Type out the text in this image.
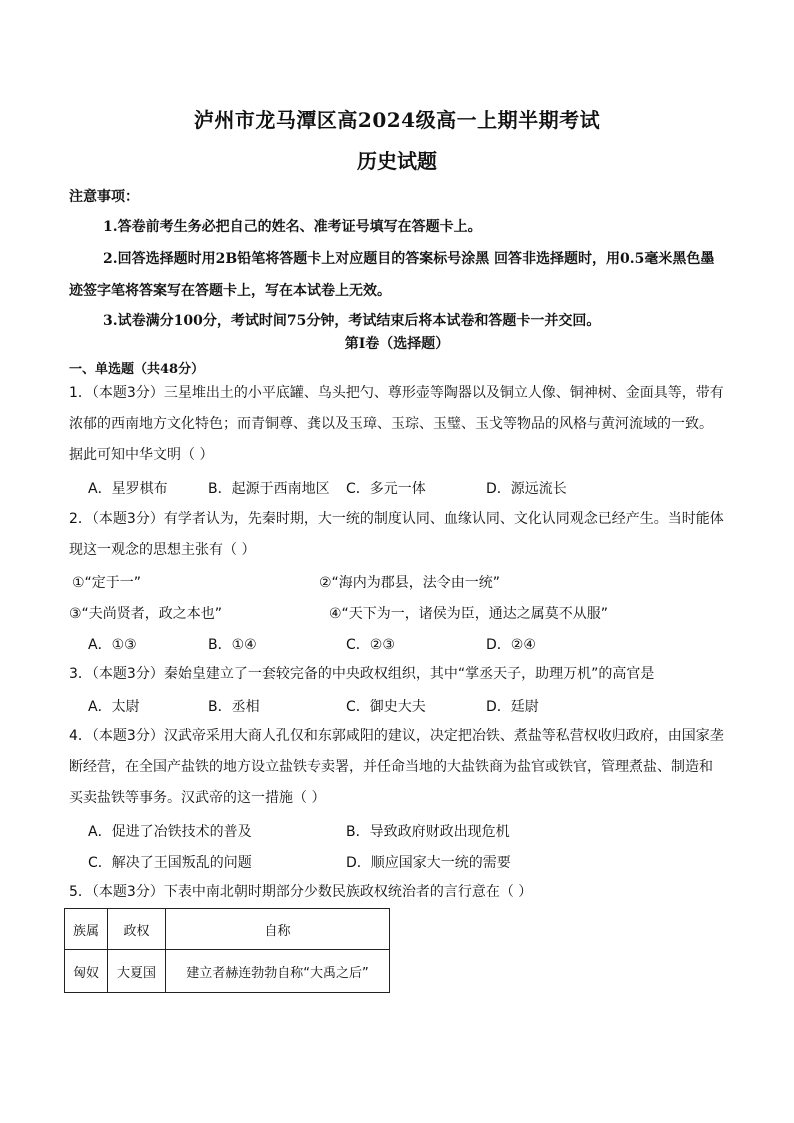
泸州市龙马潭区高2024级高一上期半期考试
历史试题
注意事项：
1.答卷前考生务必把自己的姓名、准考证号填写在答题卡上。
2.回答选择题时用2B铅笔将答题卡上对应题目的答案标号涂黑 回答非选择题时，用0.5毫米黑色墨迹签字笔将答案写在答题卡上，写在本试卷上无效。
3.试卷满分100分，考试时间75分钟，考试结束后将本试卷和答题卡一并交回。
第Ⅰ卷（选择题）
一、单选题（共48分）
1．（本题3分）三星堆出土的小平底罐、鸟头把勺、尊形壶等陶器以及铜立人像、铜神树、金面具等，带有浓郁的西南地方文化特色；而青铜尊、龚以及玉璋、玉琮、玉璧、玉戈等物品的风格与黄河流域的一致。据此可知中华文明（ ）
A．星罗棋布	B．起源于西南地区 C．多元一体	D．源远流长
2．（本题3分）有学者认为，先秦时期，大一统的制度认同、血缘认同、文化认同观念已经产生。当时能体现这一观念的思想主张有（ ）
①“定于一”	②“海内为郡县，法令由一统”
③“夫尚贤者，政之本也”	④“天下为一，诸侯为臣，通达之属莫不从服”
A．①③	B．①④	C．②③	D．②④
3．（本题3分）秦始皇建立了一套较完备的中央政权组织，其中“掌丞天子，助理万机”的高官是
A．太尉	B．丞相	C．御史大夫	D．廷尉
4．（本题3分）汉武帝采用大商人孔仅和东郭咸阳的建议，决定把冶铁、煮盐等私营权收归政府，由国家垄断经营，在全国产盐铁的地方设立盐铁专卖署，并任命当地的大盐铁商为盐官或铁官，管理煮盐、制造和买卖盐铁等事务。汉武帝的这一措施（ ）
A．促进了冶铁技术的普及	B．导致政府财政出现危机
C．解决了王国叛乱的问题	D．顺应国家大一统的需要
5．（本题3分）下表中南北朝时期部分少数民族政权统治者的言行意在（ ）
族属	政权	自称
匈奴	大夏国	建立者赫连勃勃自称“大禹之后”
